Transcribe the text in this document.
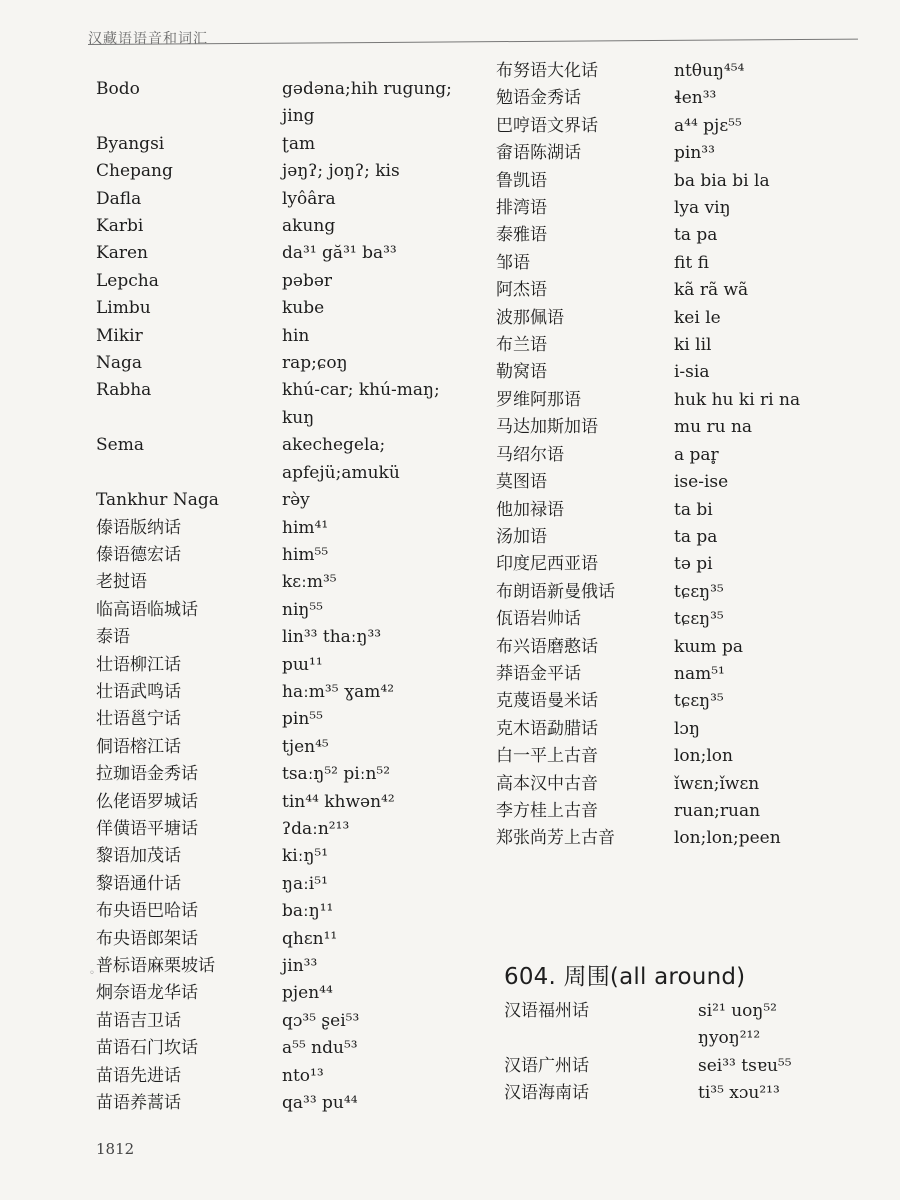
汉藏语语音和词汇
◦
Bodo	gədəna;hih rugung;
jing
Byangsi	ʈam
Chepang	jəŋʔ; joŋʔ; kis
Dafla	lyôâra
Karbi	akung
Karen	da³¹ gă³¹ ba³³
Lepcha	pəbər
Limbu	kube
Mikir	hin
Naga	rap;ɕoŋ
Rabha	khú-car; khú-maŋ;
kuŋ
Sema	akechegela;
apfejü;amukü
Tankhur Naga	rə̀y
傣语版纳话	him⁴¹
傣语德宏话	him⁵⁵
老挝语	kɛːm³⁵
临高语临城话	niŋ⁵⁵
泰语	lin³³ thaːŋ³³
壮语柳江话	pɯ¹¹
壮语武鸣话	haːm³⁵ ɣam⁴²
壮语邕宁话	pin⁵⁵
侗语榕江话	tjen⁴⁵
拉珈语金秀话	tsaːŋ⁵² piːn⁵²
仫佬语罗城话	tin⁴⁴ khwən⁴²
佯僙语平塘话	ʔdaːn²¹³
黎语加茂话	kiːŋ⁵¹
黎语通什话	ŋaːi⁵¹
布央语巴哈话	baːŋ¹¹
布央语郎架话	qhɛn¹¹
普标语麻栗坡话	jin³³
炯奈语龙华话	pjen⁴⁴
苗语吉卫话	qɔ³⁵ ʂei⁵³
苗语石门坎话	a⁵⁵ ndu⁵³
苗语先进话	nto¹³
苗语养蒿话	qa³³ pu⁴⁴
布努语大化话	ntθuŋ⁴⁵⁴
勉语金秀话	ɬen³³
巴哼语文界话	a⁴⁴ pjɛ⁵⁵
畲语陈湖话	pin³³
鲁凯语	ba bia bi la
排湾语	lya viŋ
泰雅语	ta pa
邹语	fit fi
阿杰语	kã rã wã
波那佩语	kei le
布兰语	ki lil
勒窝语	i-sia
罗维阿那语	huk hu ki ri na
马达加斯加语	mu ru na
马绍尔语	a par̥
莫图语	ise-ise
他加禄语	ta bi
汤加语	ta pa
印度尼西亚语	tə pi
布朗语新曼俄话	tɕɛŋ³⁵
佤语岩帅话	tɕɛŋ³⁵
布兴语磨憨话	kɯm pa
莽语金平话	nam⁵¹
克蔑语曼米话	tɕɛŋ³⁵
克木语勐腊话	lɔŋ
白一平上古音	lon;lon
高本汉中古音	ǐwɛn;ǐwɛn
李方桂上古音	ruan;ruan
郑张尚芳上古音	lon;lon;peen
604. 周围(all around)
汉语福州话	si²¹ uoŋ⁵²
ŋyoŋ²¹²
汉语广州话	sei³³ tsɐu⁵⁵
汉语海南话	ti³⁵ xɔu²¹³
1812
